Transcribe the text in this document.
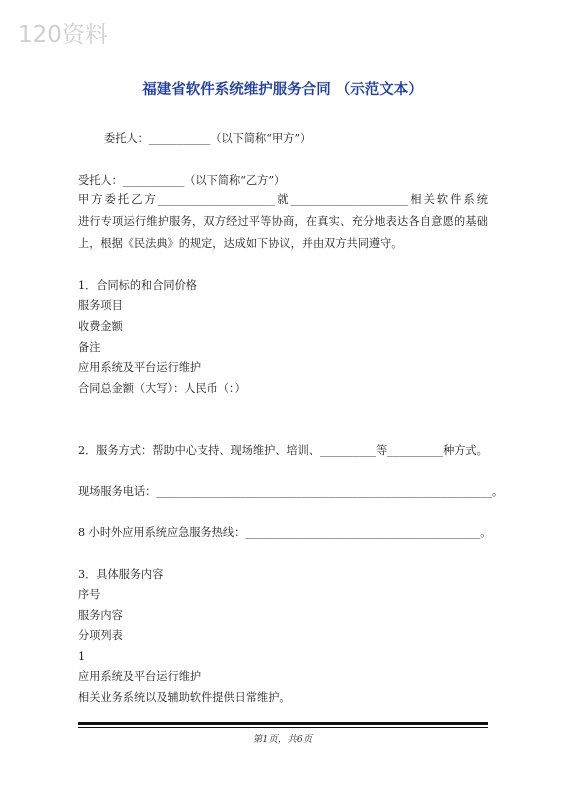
120资料
福建省软件系统维护服务合同 （示范文本）
委托人：___________（以下简称“甲方”）
受托人：___________（以下简称“乙方”）
甲方委托乙方_____________________就_____________________相关软件系统
进行专项运行维护服务，双方经过平等协商，在真实、充分地表达各自意愿的基础
上，根据《民法典》的规定，达成如下协议，并由双方共同遵守。
1．合同标的和合同价格
服务项目
收费金额
备注
应用系统及平台运行维护
合同总金额（大写）：人民币（：）
2．服务方式：帮助中心支持、现场维护、培训、__________等__________种方式。
现场服务电话：____________________________________________________________。
8 小时外应用系统应急服务热线：__________________________________________。
3．具体服务内容
序号
服务内容
分项列表
1
应用系统及平台运行维护
相关业务系统以及辅助软件提供日常维护。
第1页，共6页
